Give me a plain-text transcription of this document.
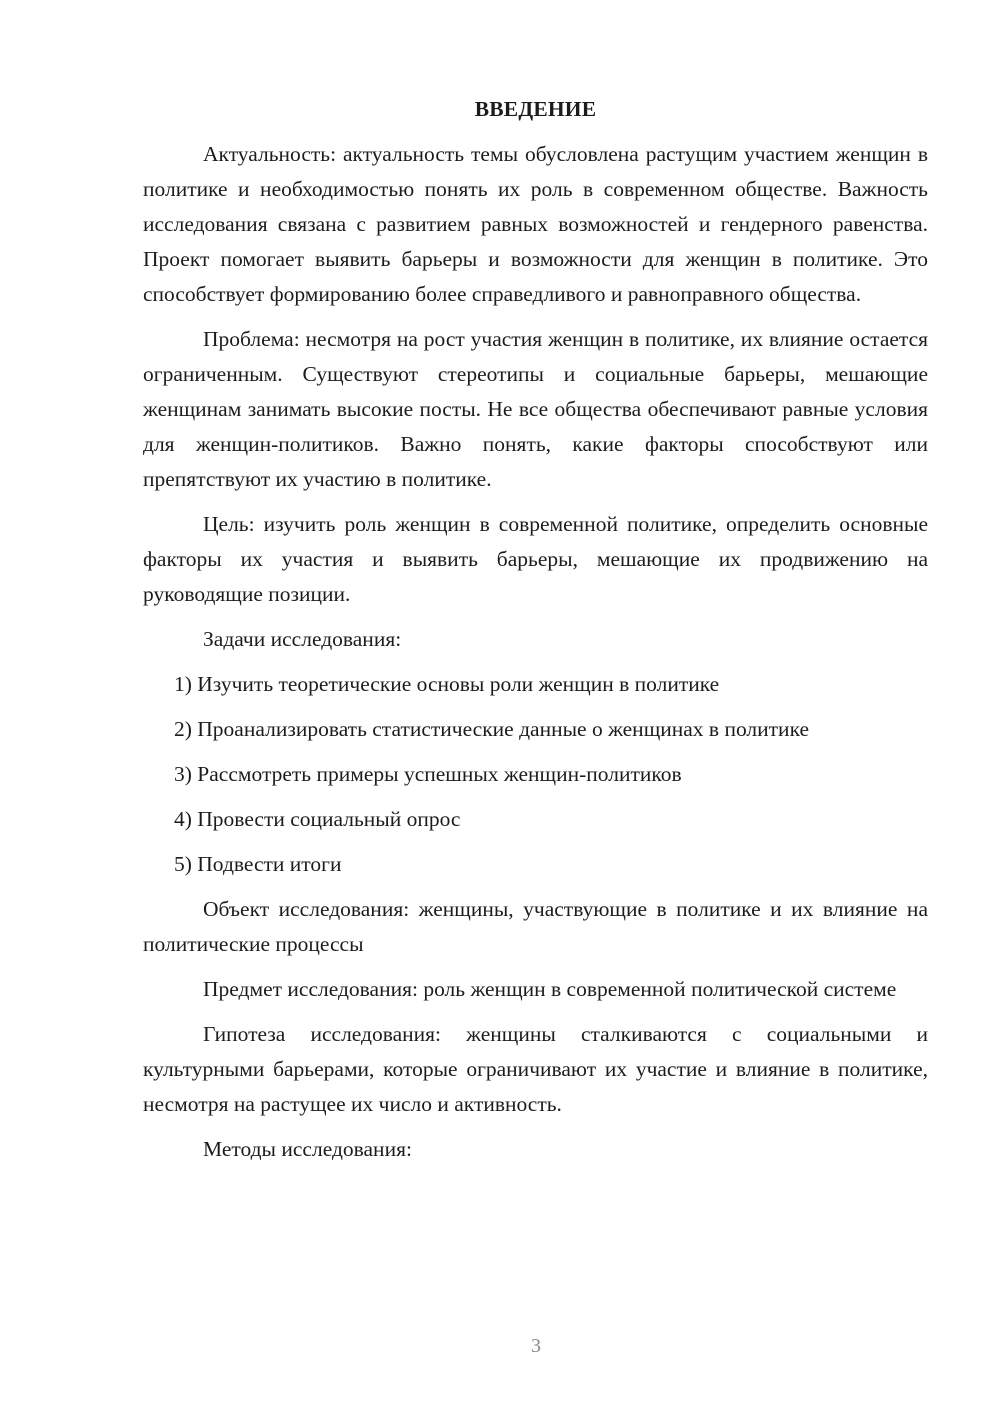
ВВЕДЕНИЕ

Актуальность: актуальность темы обусловлена растущим участием женщин в политике и необходимостью понять их роль в современном обществе. Важность исследования связана с развитием равных возможностей и гендерного равенства. Проект помогает выявить барьеры и возможности для женщин в политике. Это способствует формированию более справедливого и равноправного общества.

Проблема: несмотря на рост участия женщин в политике, их влияние остается ограниченным. Существуют стереотипы и социальные барьеры, мешающие женщинам занимать высокие посты. Не все общества обеспечивают равные условия для женщин-политиков. Важно понять, какие факторы способствуют или препятствуют их участию в политике.

Цель: изучить роль женщин в современной политике, определить основные факторы их участия и выявить барьеры, мешающие их продвижению на руководящие позиции.

Задачи исследования:

1) Изучить теоретические основы роли женщин в политике
2) Проанализировать статистические данные о женщинах в политике
3) Рассмотреть примеры успешных женщин-политиков
4) Провести социальный опрос
5) Подвести итоги

Объект исследования: женщины, участвующие в политике и их влияние на политические процессы

Предмет исследования: роль женщин в современной политической системе

Гипотеза исследования: женщины сталкиваются с социальными и культурными барьерами, которые ограничивают их участие и влияние в политике, несмотря на растущее их число и активность.

Методы исследования:

3
